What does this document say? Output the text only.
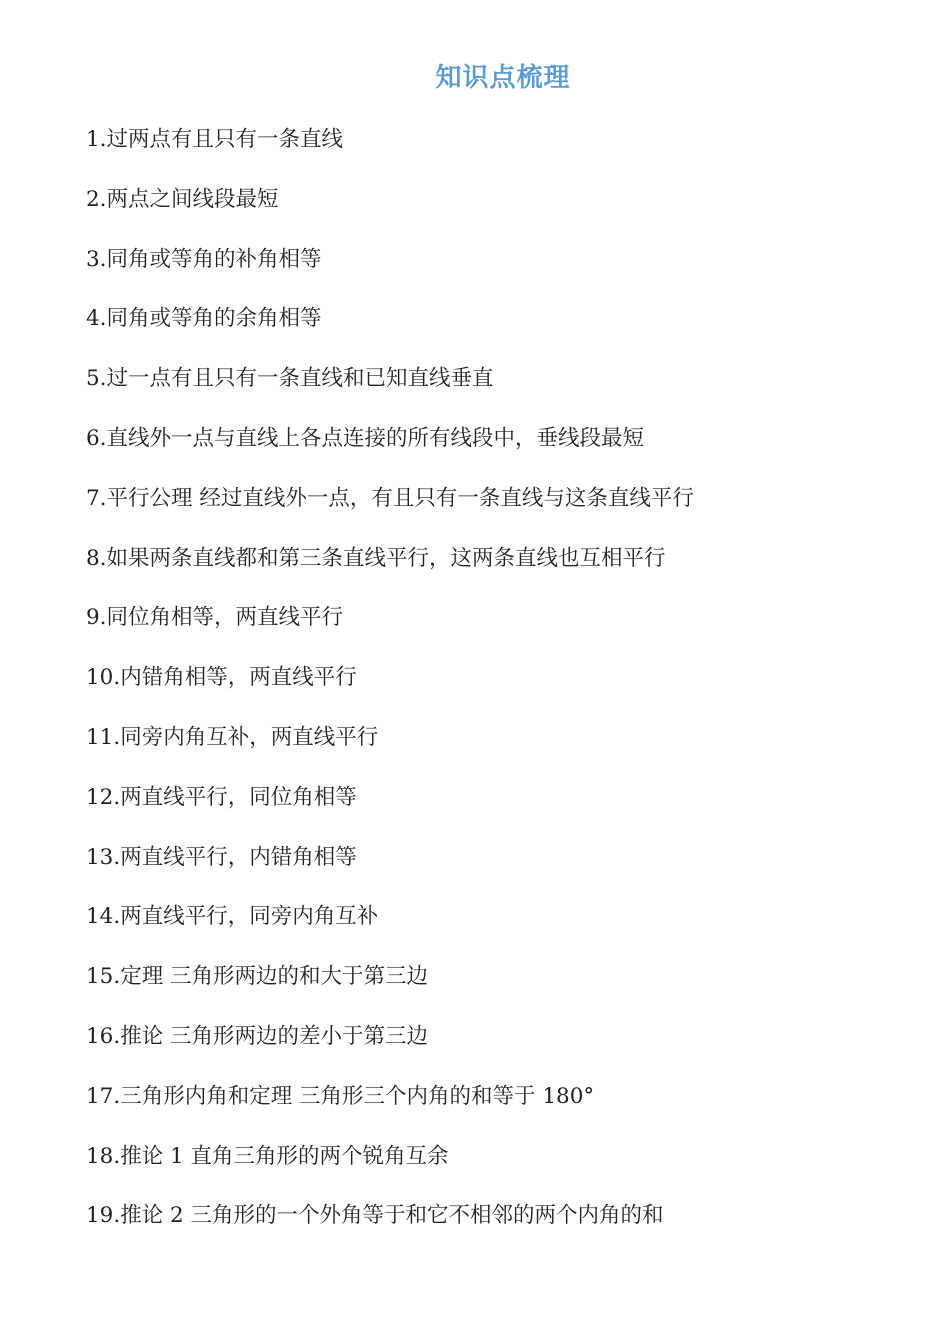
知识点梳理
1.过两点有且只有一条直线
2.两点之间线段最短
3.同角或等角的补角相等
4.同角或等角的余角相等
5.过一点有且只有一条直线和已知直线垂直
6.直线外一点与直线上各点连接的所有线段中，垂线段最短
7.平行公理 经过直线外一点，有且只有一条直线与这条直线平行
8.如果两条直线都和第三条直线平行，这两条直线也互相平行
9.同位角相等，两直线平行
10.内错角相等，两直线平行
11.同旁内角互补，两直线平行
12.两直线平行，同位角相等
13.两直线平行，内错角相等
14.两直线平行，同旁内角互补
15.定理 三角形两边的和大于第三边
16.推论 三角形两边的差小于第三边
17.三角形内角和定理 三角形三个内角的和等于 180°
18.推论 1 直角三角形的两个锐角互余
19.推论 2 三角形的一个外角等于和它不相邻的两个内角的和
